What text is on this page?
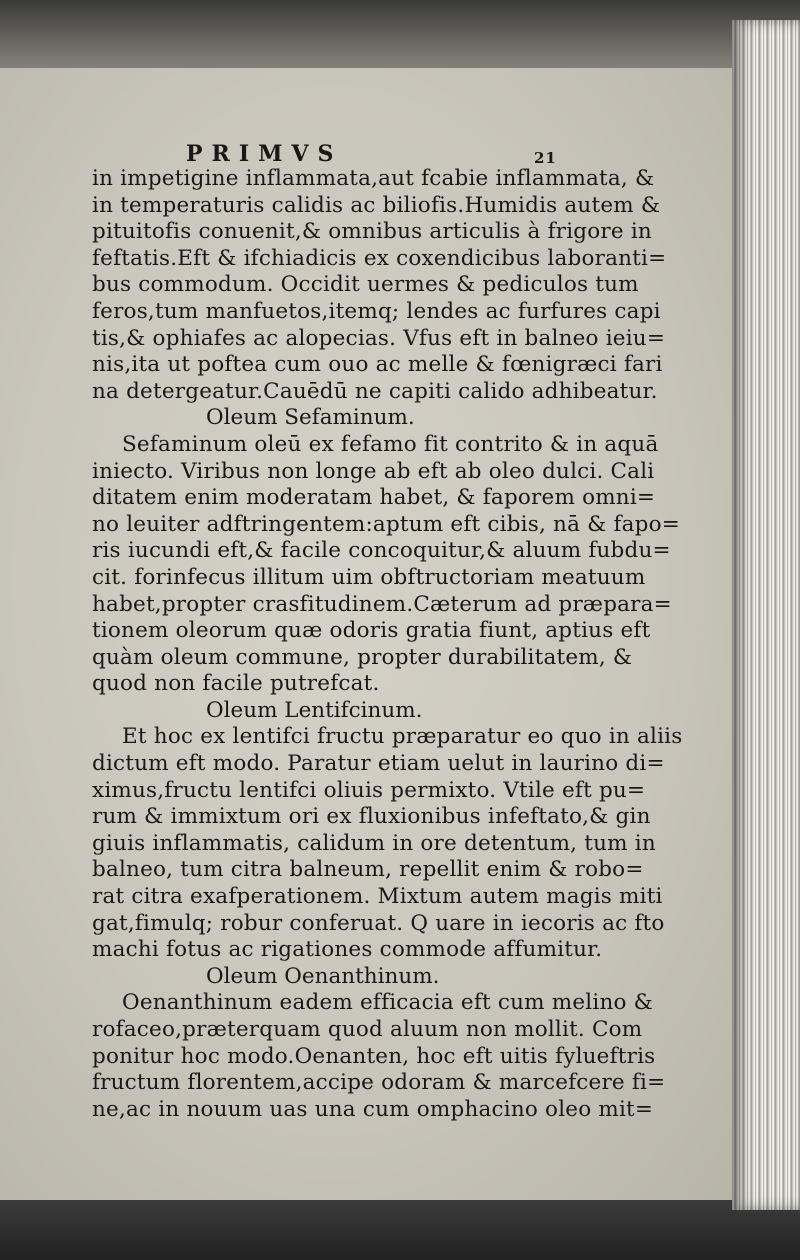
PRIMVS	21
in impetigine inflammata,aut fcabie inflammata, &
in temperaturis calidis ac biliofis.Humidis autem &
pituitofis conuenit,& omnibus articulis à frigore in
feftatis.Eft & ifchiadicis ex coxendicibus laboranti=
bus commodum. Occidit uermes & pediculos tum
feros,tum manfuetos,itemq; lendes ac furfures capi
tis,& ophiafes ac alopecias. Vfus eft in balneo ieiu=
nis,ita ut poftea cum ouo ac melle & fœnigræci fari
na detergeatur.Cauēdū ne capiti calido adhibeatur.
Oleum Sefaminum.
Sefaminum oleū ex fefamo fit contrito & in aquā
iniecto. Viribus non longe ab eft ab oleo dulci. Cali
ditatem enim moderatam habet, & faporem omni=
no leuiter adftringentem:aptum eft cibis, nā & fapo=
ris iucundi eft,& facile concoquitur,& aluum fubdu=
cit. forinfecus illitum uim obftructoriam meatuum
habet,propter crasfitudinem.Cæterum ad præpara=
tionem oleorum quæ odoris gratia fiunt, aptius eft
quàm oleum commune, propter durabilitatem, &
quod non facile putrefcat.
Oleum Lentifcinum.
Et hoc ex lentifci fructu præparatur eo quo in aliis
dictum eft modo. Paratur etiam uelut in laurino di=
ximus,fructu lentifci oliuis permixto. Vtile eft pu=
rum & immixtum ori ex fluxionibus infeftato,& gin
giuis inflammatis, calidum in ore detentum, tum in
balneo, tum citra balneum, repellit enim & robo=
rat citra exafperationem. Mixtum autem magis miti
gat,fimulq; robur conferuat. Q uare in iecoris ac fto
machi fotus ac rigationes commode affumitur.
Oleum Oenanthinum.
Oenanthinum eadem efficacia eft cum melino &
rofaceo,præterquam quod aluum non mollit. Com
ponitur hoc modo.Oenanten, hoc eft uitis fylueftris
fructum florentem,accipe odoram & marcefcere fi=
ne,ac in nouum uas una cum omphacino oleo mit=
